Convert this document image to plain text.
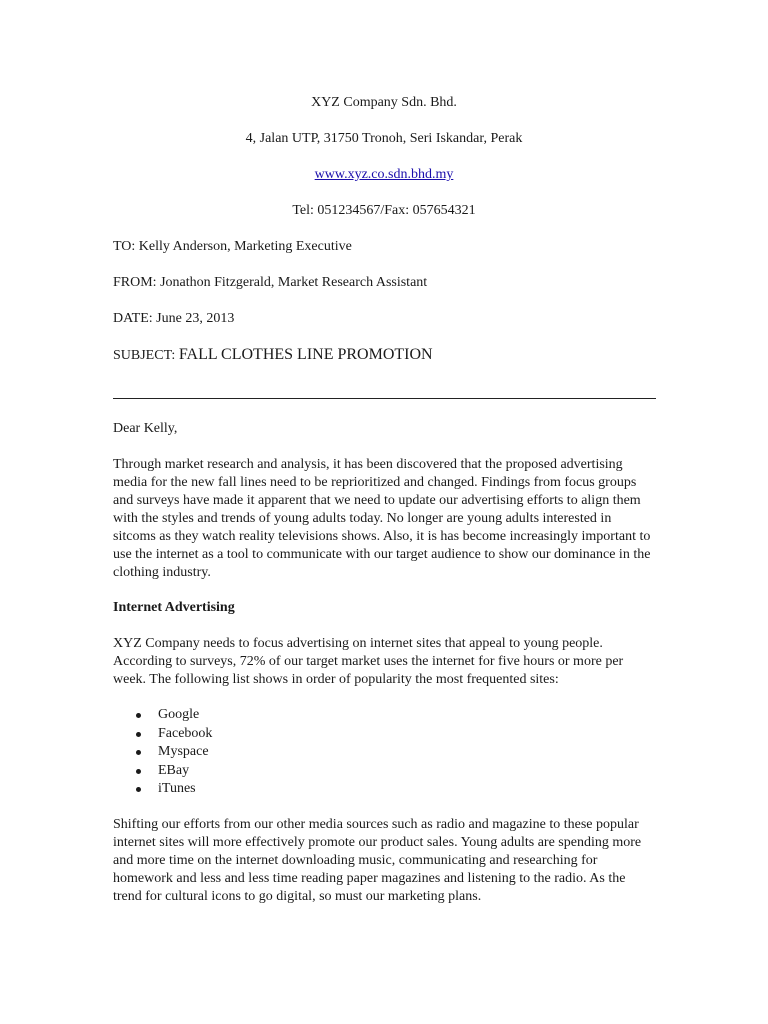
XYZ Company Sdn. Bhd.
4, Jalan UTP, 31750 Tronoh, Seri Iskandar, Perak
www.xyz.co.sdn.bhd.my
Tel: 051234567/Fax: 057654321
TO: Kelly Anderson, Marketing Executive
FROM: Jonathon Fitzgerald, Market Research Assistant
DATE: June 23, 2013
SUBJECT: FALL CLOTHES LINE PROMOTION

Dear Kelly,

Through market research and analysis, it has been discovered that the proposed advertising media for the new fall lines need to be reprioritized and changed. Findings from focus groups and surveys have made it apparent that we need to update our advertising efforts to align them with the styles and trends of young adults today. No longer are young adults interested in sitcoms as they watch reality televisions shows. Also, it is has become increasingly important to use the internet as a tool to communicate with our target audience to show our dominance in the clothing industry.

Internet Advertising

XYZ Company needs to focus advertising on internet sites that appeal to young people. According to surveys, 72% of our target market uses the internet for five hours or more per week. The following list shows in order of popularity the most frequented sites:

Google
Facebook
Myspace
EBay
iTunes

Shifting our efforts from our other media sources such as radio and magazine to these popular internet sites will more effectively promote our product sales. Young adults are spending more and more time on the internet downloading music, communicating and researching for homework and less and less time reading paper magazines and listening to the radio. As the trend for cultural icons to go digital, so must our marketing plans.
